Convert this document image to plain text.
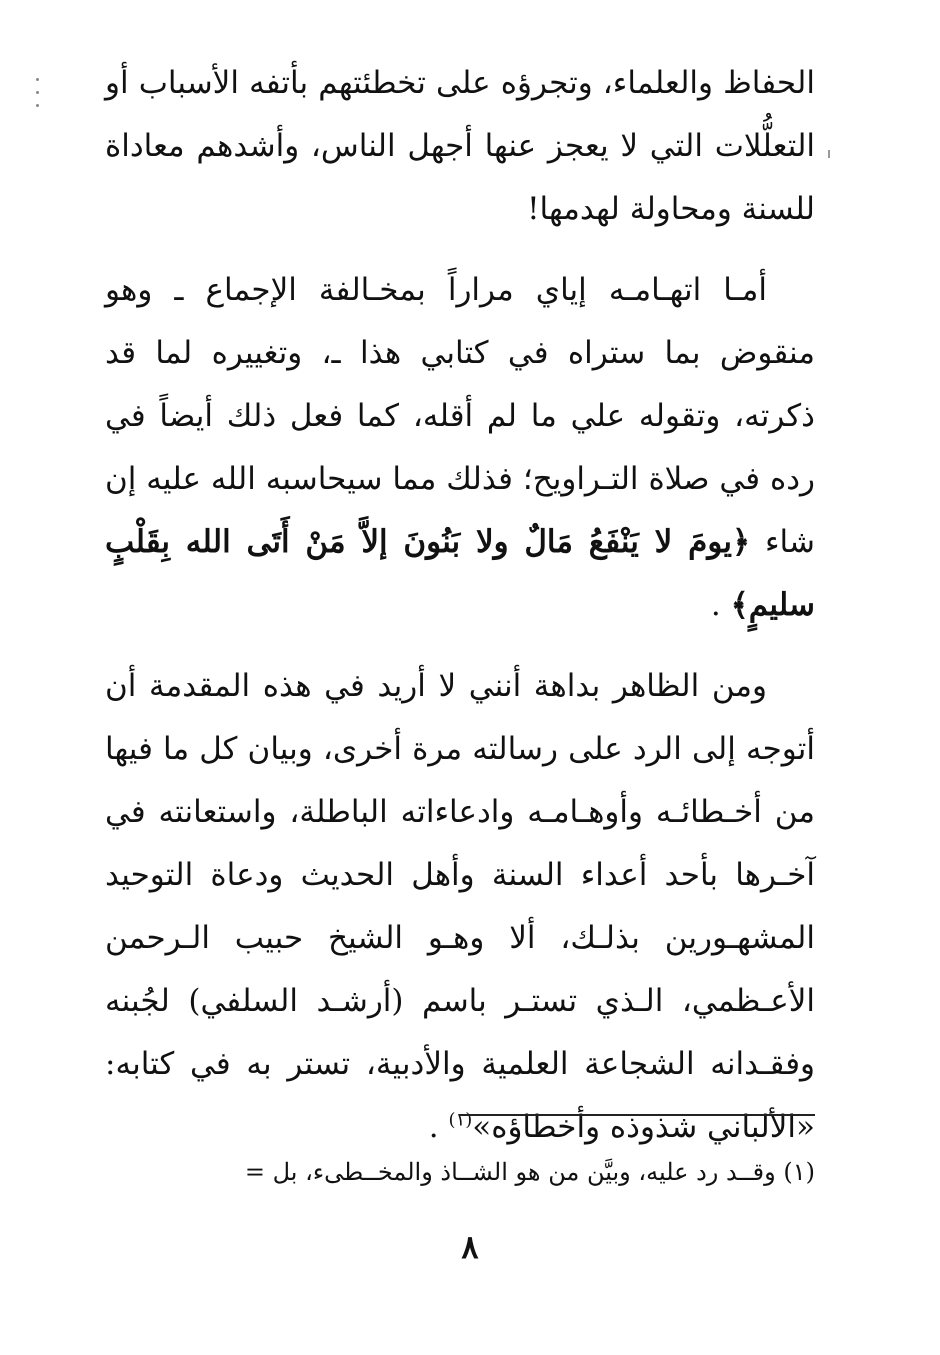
الحفاظ والعلماء، وتجرؤه على تخطئتهم بأتفه الأسباب أو التعلُّلات التي لا يعجز عنها أجهل الناس، وأشدهم معاداة للسنة ومحاولة لهدمها!

أمـا اتهـامـه إياي مراراً بمخـالفة الإجماع ـ وهو منقوض بما ستراه في كتابي هذا ـ، وتغييره لما قد ذكرته، وتقوله علي ما لم أقله، كما فعل ذلك أيضاً في رده في صلاة التـراويح؛ فذلك مما سيحاسبه الله عليه إن شاء ﴿يومَ لا يَنْفَعُ مَالٌ ولا بَنُونَ إلاَّ مَنْ أَتَى الله بِقَلْبٍ سليمٍ﴾ .

ومن الظاهر بداهة أنني لا أريد في هذه المقدمة أن أتوجه إلى الرد على رسالته مرة أخرى، وبيان كل ما فيها من أخـطائـه وأوهـامـه وادعاءاته الباطلة، واستعانته في آخـرها بأحد أعداء السنة وأهل الحديث ودعاة التوحيد المشهـورين بذلـك، ألا وهـو الشيخ حبيب الـرحمن الأعـظمي، الـذي تستـر باسم (أرشـد السلفي) لجُبنه وفقـدانه الشجاعة العلمية والأدبية، تستر به في كتابه: «الألباني شذوذه وأخطاؤه»$^{(١)}$ .

(١) وقــد رد عليه، وبيَّن من هو الشــاذ والمخــطىء، بل =

٨
